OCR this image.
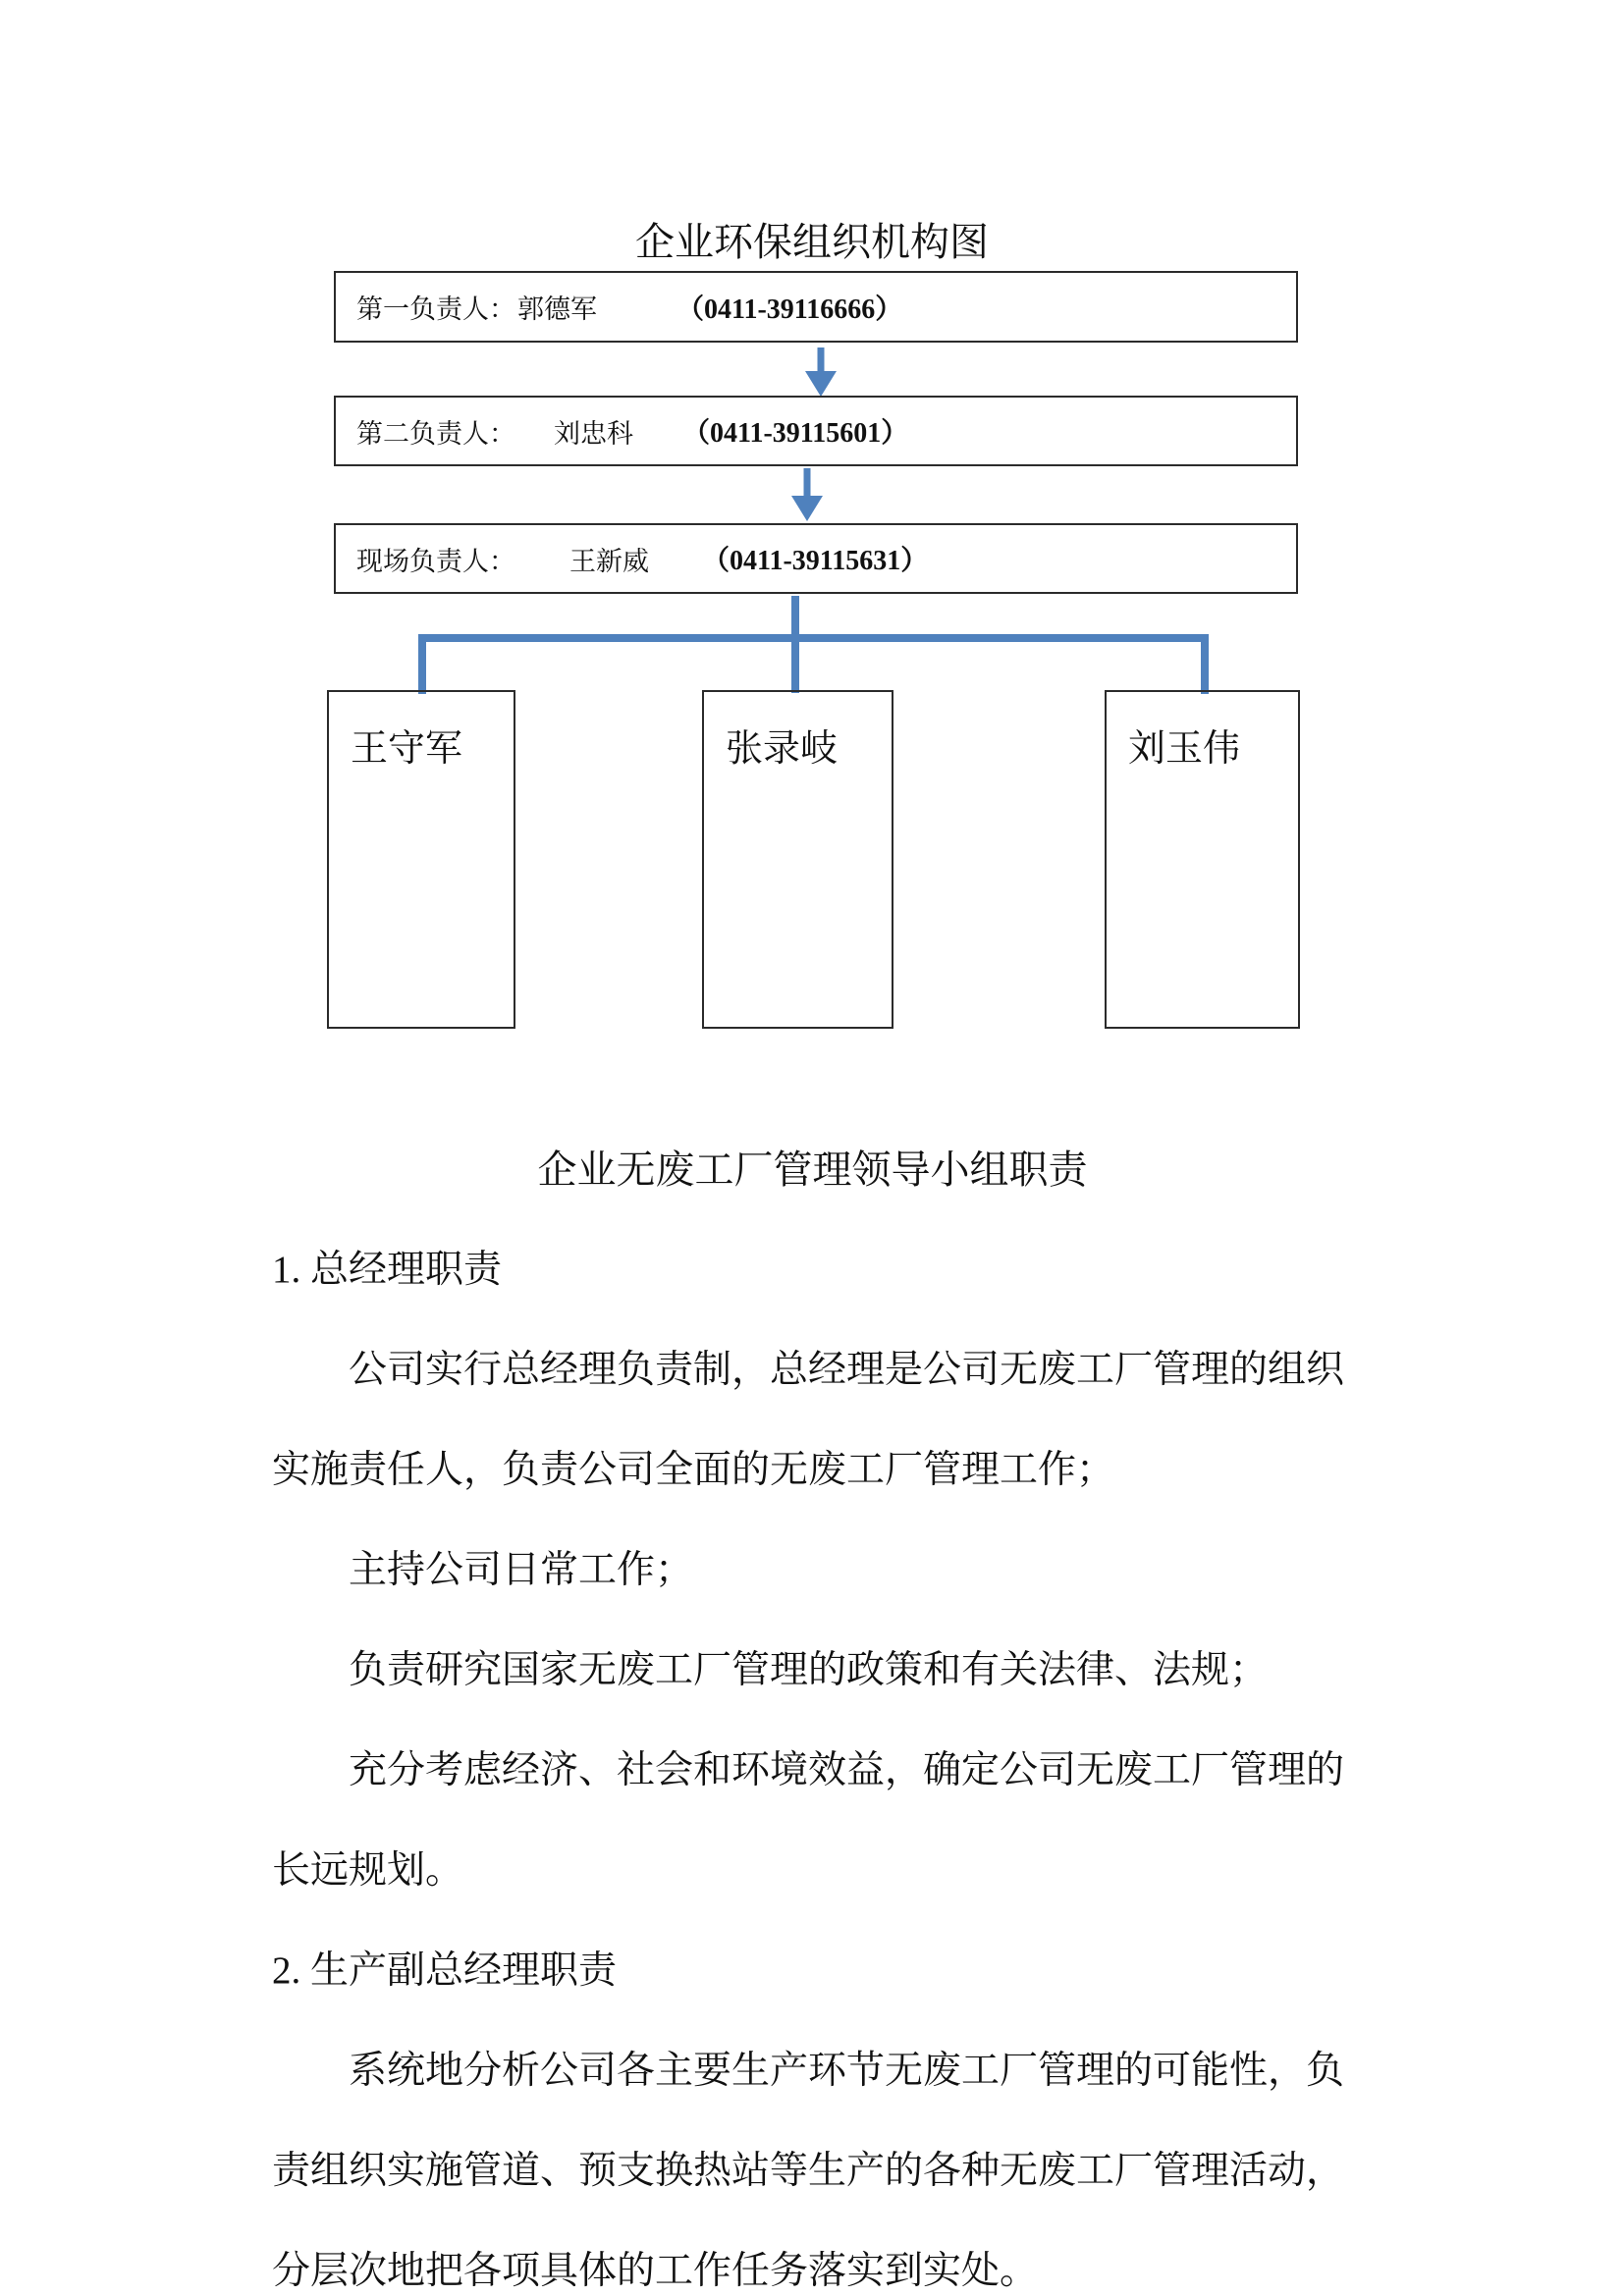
企业环保组织机构图
第一负责人： 郭德军	（0411-39116666）
第二负责人： 刘忠科 （0411-39115601）
现场负责人： 王新威 （0411-39115631）
王守军	张录岐	刘玉伟
企业无废工厂管理领导小组职责
1. 总经理职责
公司实行总经理负责制，总经理是公司无废工厂管理的组织
实施责任人，负责公司全面的无废工厂管理工作；
主持公司日常工作；
负责研究国家无废工厂管理的政策和有关法律、法规；
充分考虑经济、社会和环境效益，确定公司无废工厂管理的
长远规划。
2. 生产副总经理职责
系统地分析公司各主要生产环节无废工厂管理的可能性，负
责组织实施管道、预支换热站等生产的各种无废工厂管理活动，
分层次地把各项具体的工作任务落实到实处。
